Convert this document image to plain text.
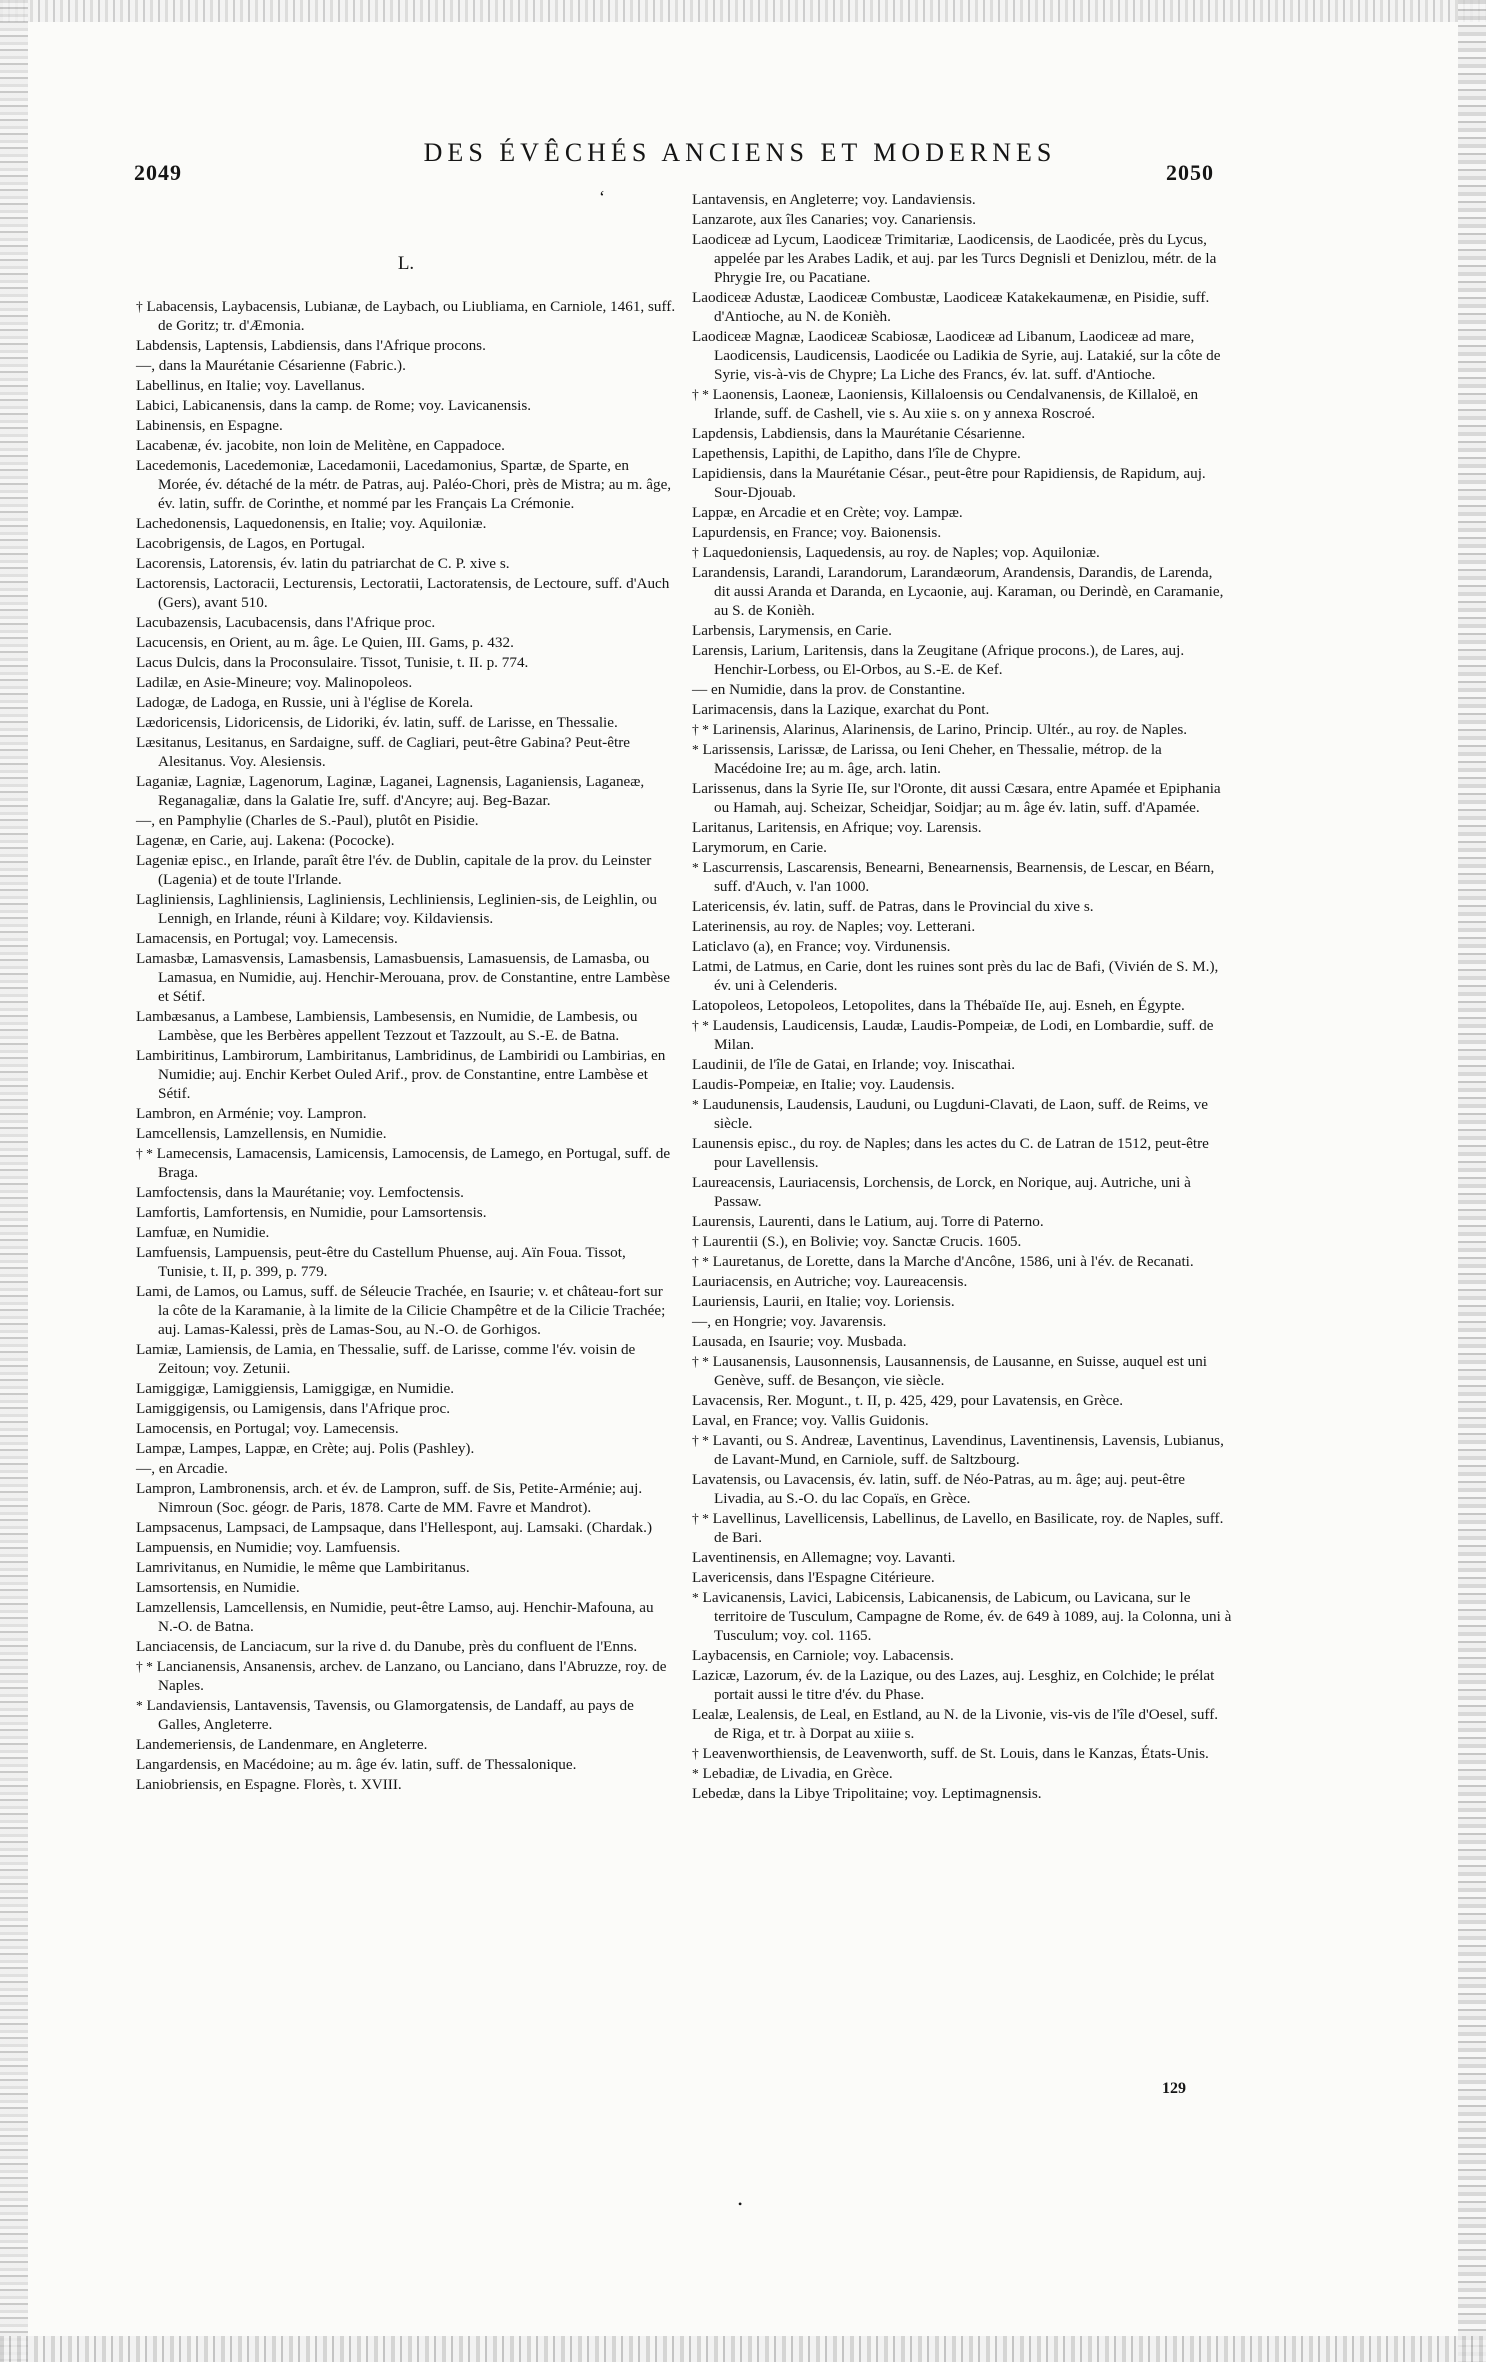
2049
DES ÉVÊCHÉS ANCIENS ET MODERNES
2050
‘
L.
† Labacensis, Laybacensis, Lubianæ, de Laybach, ou Liubliama, en Carniole, 1461, suff. de Goritz; tr. d'Æmonia.
Labdensis, Laptensis, Labdiensis, dans l'Afrique procons.
—, dans la Maurétanie Césarienne (Fabric.).
Labellinus, en Italie; voy. Lavellanus.
Labici, Labicanensis, dans la camp. de Rome; voy. Lavicanensis.
Labinensis, en Espagne.
Lacabenæ, év. jacobite, non loin de Melitène, en Cappadoce.
Lacedemonis, Lacedemoniæ, Lacedamonii, Lacedamonius, Spartæ, de Sparte, en Morée, év. détaché de la métr. de Patras, auj. Paléo-Chori, près de Mistra; au m. âge, év. latin, suffr. de Corinthe, et nommé par les Français La Crémonie.
Lachedonensis, Laquedonensis, en Italie; voy. Aquiloniæ.
Lacobrigensis, de Lagos, en Portugal.
Lacorensis, Latorensis, év. latin du patriarchat de C. P. xive s.
Lactorensis, Lactoracii, Lecturensis, Lectoratii, Lactoratensis, de Lectoure, suff. d'Auch (Gers), avant 510.
Lacubazensis, Lacubacensis, dans l'Afrique proc.
Lacucensis, en Orient, au m. âge. Le Quien, III. Gams, p. 432.
Lacus Dulcis, dans la Proconsulaire. Tissot, Tunisie, t. II. p. 774.
Ladilæ, en Asie-Mineure; voy. Malinopoleos.
Ladogæ, de Ladoga, en Russie, uni à l'église de Korela.
Lædoricensis, Lidoricensis, de Lidoriki, év. latin, suff. de Larisse, en Thessalie.
Læsitanus, Lesitanus, en Sardaigne, suff. de Cagliari, peut-être Gabina? Peut-être Alesitanus. Voy. Alesiensis.
Laganiæ, Lagniæ, Lagenorum, Laginæ, Laganei, Lagnensis, Laganiensis, Laganeæ, Reganagaliæ, dans la Galatie Ire, suff. d'Ancyre; auj. Beg-Bazar.
—, en Pamphylie (Charles de S.-Paul), plutôt en Pisidie.
Lagenæ, en Carie, auj. Lakena: (Pococke).
Lageniæ episc., en Irlande, paraît être l'év. de Dublin, capitale de la prov. du Leinster (Lagenia) et de toute l'Irlande.
Lagliniensis, Laghliniensis, Lagliniensis, Lechliniensis, Leglinien-sis, de Leighlin, ou Lennigh, en Irlande, réuni à Kildare; voy. Kildaviensis.
Lamacensis, en Portugal; voy. Lamecensis.
Lamasbæ, Lamasvensis, Lamasbensis, Lamasbuensis, Lamasuensis, de Lamasba, ou Lamasua, en Numidie, auj. Henchir-Merouana, prov. de Constantine, entre Lambèse et Sétif.
Lambæsanus, a Lambese, Lambiensis, Lambesensis, en Numidie, de Lambesis, ou Lambèse, que les Berbères appellent Tezzout et Tazzoult, au S.-E. de Batna.
Lambiritinus, Lambirorum, Lambiritanus, Lambridinus, de Lambiridi ou Lambirias, en Numidie; auj. Enchir Kerbet Ouled Arif., prov. de Constantine, entre Lambèse et Sétif.
Lambron, en Arménie; voy. Lampron.
Lamcellensis, Lamzellensis, en Numidie.
† * Lamecensis, Lamacensis, Lamicensis, Lamocensis, de Lamego, en Portugal, suff. de Braga.
Lamfoctensis, dans la Maurétanie; voy. Lemfoctensis.
Lamfortis, Lamfortensis, en Numidie, pour Lamsortensis.
Lamfuæ, en Numidie.
Lamfuensis, Lampuensis, peut-être du Castellum Phuense, auj. Aïn Foua. Tissot, Tunisie, t. II, p. 399, p. 779.
Lami, de Lamos, ou Lamus, suff. de Séleucie Trachée, en Isaurie; v. et château-fort sur la côte de la Karamanie, à la limite de la Cilicie Champêtre et de la Cilicie Trachée; auj. Lamas-Kalessi, près de Lamas-Sou, au N.-O. de Gorhigos.
Lamiæ, Lamiensis, de Lamia, en Thessalie, suff. de Larisse, comme l'év. voisin de Zeitoun; voy. Zetunii.
Lamiggigæ, Lamiggiensis, Lamiggigæ, en Numidie.
Lamiggigensis, ou Lamigensis, dans l'Afrique proc.
Lamocensis, en Portugal; voy. Lamecensis.
Lampæ, Lampes, Lappæ, en Crète; auj. Polis (Pashley).
—, en Arcadie.
Lampron, Lambronensis, arch. et év. de Lampron, suff. de Sis, Petite-Arménie; auj. Nimroun (Soc. géogr. de Paris, 1878. Carte de MM. Favre et Mandrot).
Lampsacenus, Lampsaci, de Lampsaque, dans l'Hellespont, auj. Lamsaki. (Chardak.)
Lampuensis, en Numidie; voy. Lamfuensis.
Lamrivitanus, en Numidie, le même que Lambiritanus.
Lamsortensis, en Numidie.
Lamzellensis, Lamcellensis, en Numidie, peut-être Lamso, auj. Henchir-Mafouna, au N.-O. de Batna.
Lanciacensis, de Lanciacum, sur la rive d. du Danube, près du confluent de l'Enns.
† * Lancianensis, Ansanensis, archev. de Lanzano, ou Lanciano, dans l'Abruzze, roy. de Naples.
* Landaviensis, Lantavensis, Tavensis, ou Glamorgatensis, de Landaff, au pays de Galles, Angleterre.
Landemeriensis, de Landenmare, en Angleterre.
Langardensis, en Macédoine; au m. âge év. latin, suff. de Thessalonique.
Laniobriensis, en Espagne. Florès, t. XVIII.
Lantavensis, en Angleterre; voy. Landaviensis.
Lanzarote, aux îles Canaries; voy. Canariensis.
Laodiceæ ad Lycum, Laodiceæ Trimitariæ, Laodicensis, de Laodicée, près du Lycus, appelée par les Arabes Ladik, et auj. par les Turcs Degnisli et Denizlou, métr. de la Phrygie Ire, ou Pacatiane.
Laodiceæ Adustæ, Laodiceæ Combustæ, Laodiceæ Katakekaumenæ, en Pisidie, suff. d'Antioche, au N. de Konièh.
Laodiceæ Magnæ, Laodiceæ Scabiosæ, Laodiceæ ad Libanum, Laodiceæ ad mare, Laodicensis, Laudicensis, Laodicée ou Ladikia de Syrie, auj. Latakié, sur la côte de Syrie, vis-à-vis de Chypre; La Liche des Francs, év. lat. suff. d'Antioche.
† * Laonensis, Laoneæ, Laoniensis, Killaloensis ou Cendalvanensis, de Killaloë, en Irlande, suff. de Cashell, vie s. Au xiie s. on y annexa Roscroé.
Lapdensis, Labdiensis, dans la Maurétanie Césarienne.
Lapethensis, Lapithi, de Lapitho, dans l'île de Chypre.
Lapidiensis, dans la Maurétanie César., peut-être pour Rapidiensis, de Rapidum, auj. Sour-Djouab.
Lappæ, en Arcadie et en Crète; voy. Lampæ.
Lapurdensis, en France; voy. Baionensis.
† Laquedoniensis, Laquedensis, au roy. de Naples; vop. Aquiloniæ.
Larandensis, Larandi, Larandorum, Larandæorum, Arandensis, Darandis, de Larenda, dit aussi Aranda et Daranda, en Lycaonie, auj. Karaman, ou Derindè, en Caramanie, au S. de Konièh.
Larbensis, Larymensis, en Carie.
Larensis, Larium, Laritensis, dans la Zeugitane (Afrique procons.), de Lares, auj. Henchir-Lorbess, ou El-Orbos, au S.-E. de Kef.
— en Numidie, dans la prov. de Constantine.
Larimacensis, dans la Lazique, exarchat du Pont.
† * Larinensis, Alarinus, Alarinensis, de Larino, Princip. Ultér., au roy. de Naples.
* Larissensis, Larissæ, de Larissa, ou Ieni Cheher, en Thessalie, métrop. de la Macédoine Ire; au m. âge, arch. latin.
Larissenus, dans la Syrie IIe, sur l'Oronte, dit aussi Cæsara, entre Apamée et Epiphania ou Hamah, auj. Scheizar, Scheidjar, Soidjar; au m. âge év. latin, suff. d'Apamée.
Laritanus, Laritensis, en Afrique; voy. Larensis.
Larymorum, en Carie.
* Lascurrensis, Lascarensis, Benearni, Benearnensis, Bearnensis, de Lescar, en Béarn, suff. d'Auch, v. l'an 1000.
Latericensis, év. latin, suff. de Patras, dans le Provincial du xive s.
Laterinensis, au roy. de Naples; voy. Letterani.
Laticlavo (a), en France; voy. Virdunensis.
Latmi, de Latmus, en Carie, dont les ruines sont près du lac de Bafi, (Vivién de S. M.), év. uni à Celenderis.
Latopoleos, Letopoleos, Letopolites, dans la Thébaïde IIe, auj. Esneh, en Égypte.
† * Laudensis, Laudicensis, Laudæ, Laudis-Pompeiæ, de Lodi, en Lombardie, suff. de Milan.
Laudinii, de l'île de Gatai, en Irlande; voy. Iniscathai.
Laudis-Pompeiæ, en Italie; voy. Laudensis.
* Laudunensis, Laudensis, Lauduni, ou Lugduni-Clavati, de Laon, suff. de Reims, ve siècle.
Launensis episc., du roy. de Naples; dans les actes du C. de Latran de 1512, peut-être pour Lavellensis.
Laureacensis, Lauriacensis, Lorchensis, de Lorck, en Norique, auj. Autriche, uni à Passaw.
Laurensis, Laurenti, dans le Latium, auj. Torre di Paterno.
† Laurentii (S.), en Bolivie; voy. Sanctæ Crucis. 1605.
† * Lauretanus, de Lorette, dans la Marche d'Ancône, 1586, uni à l'év. de Recanati.
Lauriacensis, en Autriche; voy. Laureacensis.
Lauriensis, Laurii, en Italie; voy. Loriensis.
—, en Hongrie; voy. Javarensis.
Lausada, en Isaurie; voy. Musbada.
† * Lausanensis, Lausonnensis, Lausannensis, de Lausanne, en Suisse, auquel est uni Genève, suff. de Besançon, vie siècle.
Lavacensis, Rer. Mogunt., t. II, p. 425, 429, pour Lavatensis, en Grèce.
Laval, en France; voy. Vallis Guidonis.
† * Lavanti, ou S. Andreæ, Laventinus, Lavendinus, Laventinensis, Lavensis, Lubianus, de Lavant-Mund, en Carniole, suff. de Saltzbourg.
Lavatensis, ou Lavacensis, év. latin, suff. de Néo-Patras, au m. âge; auj. peut-être Livadia, au S.-O. du lac Copaïs, en Grèce.
† * Lavellinus, Lavellicensis, Labellinus, de Lavello, en Basilicate, roy. de Naples, suff. de Bari.
Laventinensis, en Allemagne; voy. Lavanti.
Lavericensis, dans l'Espagne Citérieure.
* Lavicanensis, Lavici, Labicensis, Labicanensis, de Labicum, ou Lavicana, sur le territoire de Tusculum, Campagne de Rome, év. de 649 à 1089, auj. la Colonna, uni à Tusculum; voy. col. 1165.
Laybacensis, en Carniole; voy. Labacensis.
Lazicæ, Lazorum, év. de la Lazique, ou des Lazes, auj. Lesghiz, en Colchide; le prélat portait aussi le titre d'év. du Phase.
Lealæ, Lealensis, de Leal, en Estland, au N. de la Livonie, vis-vis de l'île d'Oesel, suff. de Riga, et tr. à Dorpat au xiiie s.
† Leavenworthiensis, de Leavenworth, suff. de St. Louis, dans le Kanzas, États-Unis.
* Lebadiæ, de Livadia, en Grèce.
Lebedæ, dans la Libye Tripolitaine; voy. Leptimagnensis.
129
•
